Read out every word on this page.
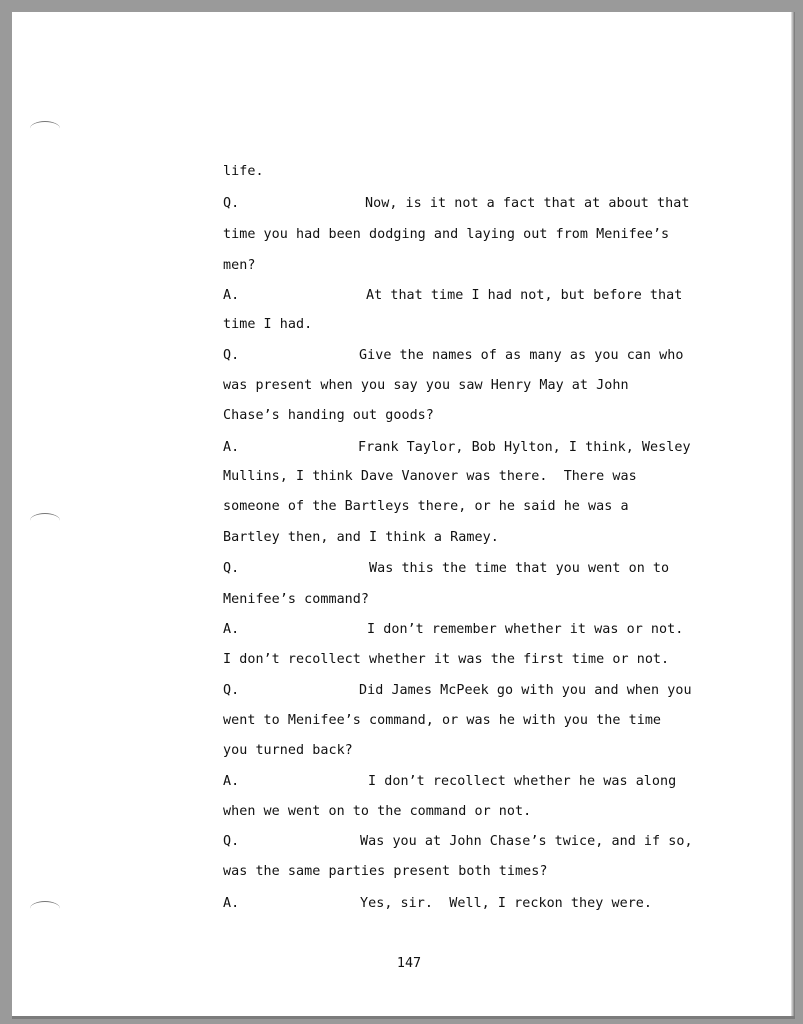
life.

Q.

	Now, is it not a fact that at about that

time you had been dodging and laying out from Menifee’s
men?

A.

	At that time I had not, but before that

time I had.

Q.

	Give the names of as many as you can who

was present when you say you saw Henry May at John
Chase’s handing out goods?

A.

	Frank Taylor, Bob Hylton, I think, Wesley

Mullins, I think Dave Vanover was there.  There was
someone of the Bartleys there, or he said he was a
Bartley then, and I think a Ramey.

Q.

	Was this the time that you went on to

Menifee’s command?

A.

	I don’t remember whether it was or not.

I don’t recollect whether it was the first time or not.

Q.

	Did James McPeek go with you and when you

went to Menifee’s command, or was he with you the time
you turned back?

A.

	I don’t recollect whether he was along

when we went on to the command or not.

Q.

	Was you at John Chase’s twice, and if so,

was the same parties present both times?

A.

	Yes, sir.  Well, I reckon they were.

147
